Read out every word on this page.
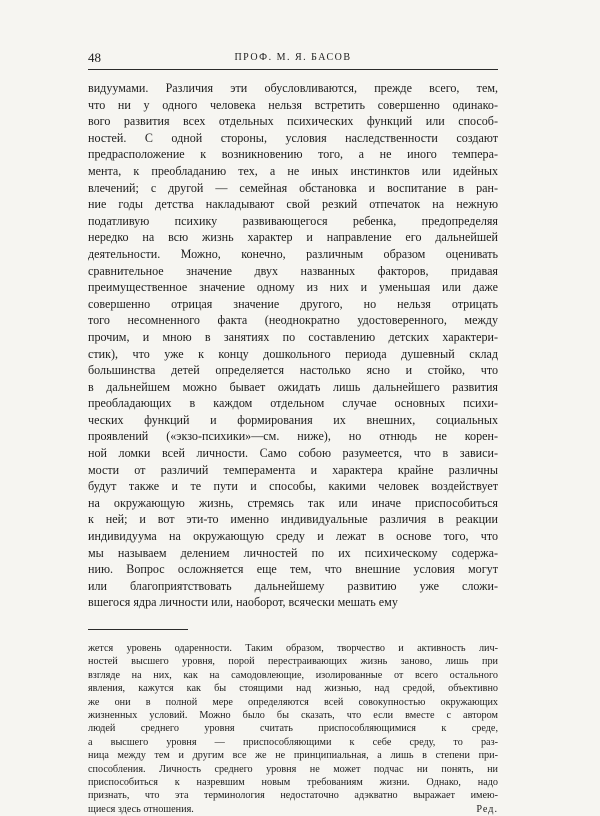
48	ПРОФ. М. Я. БАСОВ
видуумами. Различия эти обусловливаются, прежде всего, тем,
что ни у одного человека нельзя встретить совершенно одинако-
вого развития всех отдельных психических функций или способ-
ностей. С одной стороны, условия наследственности создают
предрасположение к возникновению того, а не иного темпера-
мента, к преобладанию тех, а не иных инстинктов или идейных
влечений; с другой — семейная обстановка и воспитание в ран-
ние годы детства накладывают свой резкий отпечаток на нежную
податливую психику развивающегося ребенка, предопределяя
нередко на всю жизнь характер и направление его дальнейшей
деятельности. Можно, конечно, различным образом оценивать
сравнительное значение двух названных факторов, придавая
преимущественное значение одному из них и уменьшая или даже
совершенно отрицая значение другого, но нельзя отрицать
того несомненного факта (неоднократно удостоверенного, между
прочим, и мною в занятиях по составлению детских характери-
стик), что уже к концу дошкольного периода душевный склад
большинства детей определяется настолько ясно и стойко, что
в дальнейшем можно бывает ожидать лишь дальнейшего развития
преобладающих в каждом отдельном случае основных психи-
ческих функций и формирования их внешних, социальных
проявлений («экзо-психики»—см. ниже), но отнюдь не корен-
ной ломки всей личности. Само собою разумеется, что в зависи-
мости от различий темперамента и характера крайне различны
будут также и те пути и способы, какими человек воздействует
на окружающую жизнь, стремясь так или иначе приспособиться
к ней; и вот эти-то именно индивидуальные различия в реакции
индивидуума на окружающую среду и лежат в основе того, что
мы называем делением личностей по их психическому содержа-
нию. Вопрос осложняется еще тем, что внешние условия могут
или благоприятствовать дальнейшему развитию уже сложи-
вшегося ядра личности или, наоборот, всячески мешать ему
жется уровень одаренности. Таким образом, творчество и активность лич-
ностей высшего уровня, порой перестраивающих жизнь заново, лишь при
взгляде на них, как на самодовлеющие, изолированные от всего остального
явления, кажутся как бы стоящими над жизнью, над средой, объективно
же они в полной мере определяются всей совокупностью окружающих
жизненных условий. Можно было бы сказать, что если вместе с автором
людей среднего уровня считать приспособляющимися к среде,
а высшего уровня — приспособляющими к себе среду, то раз-
ница между тем и другим все же не принципиальная, а лишь в степени при-
способления. Личность среднего уровня не может подчас ни понять, ни
приспособиться к назревшим новым требованиям жизни. Однако, надо
признать, что эта терминология недостаточно адэкватно выражает имею-
щиеся здесь отношения.	Ред.
